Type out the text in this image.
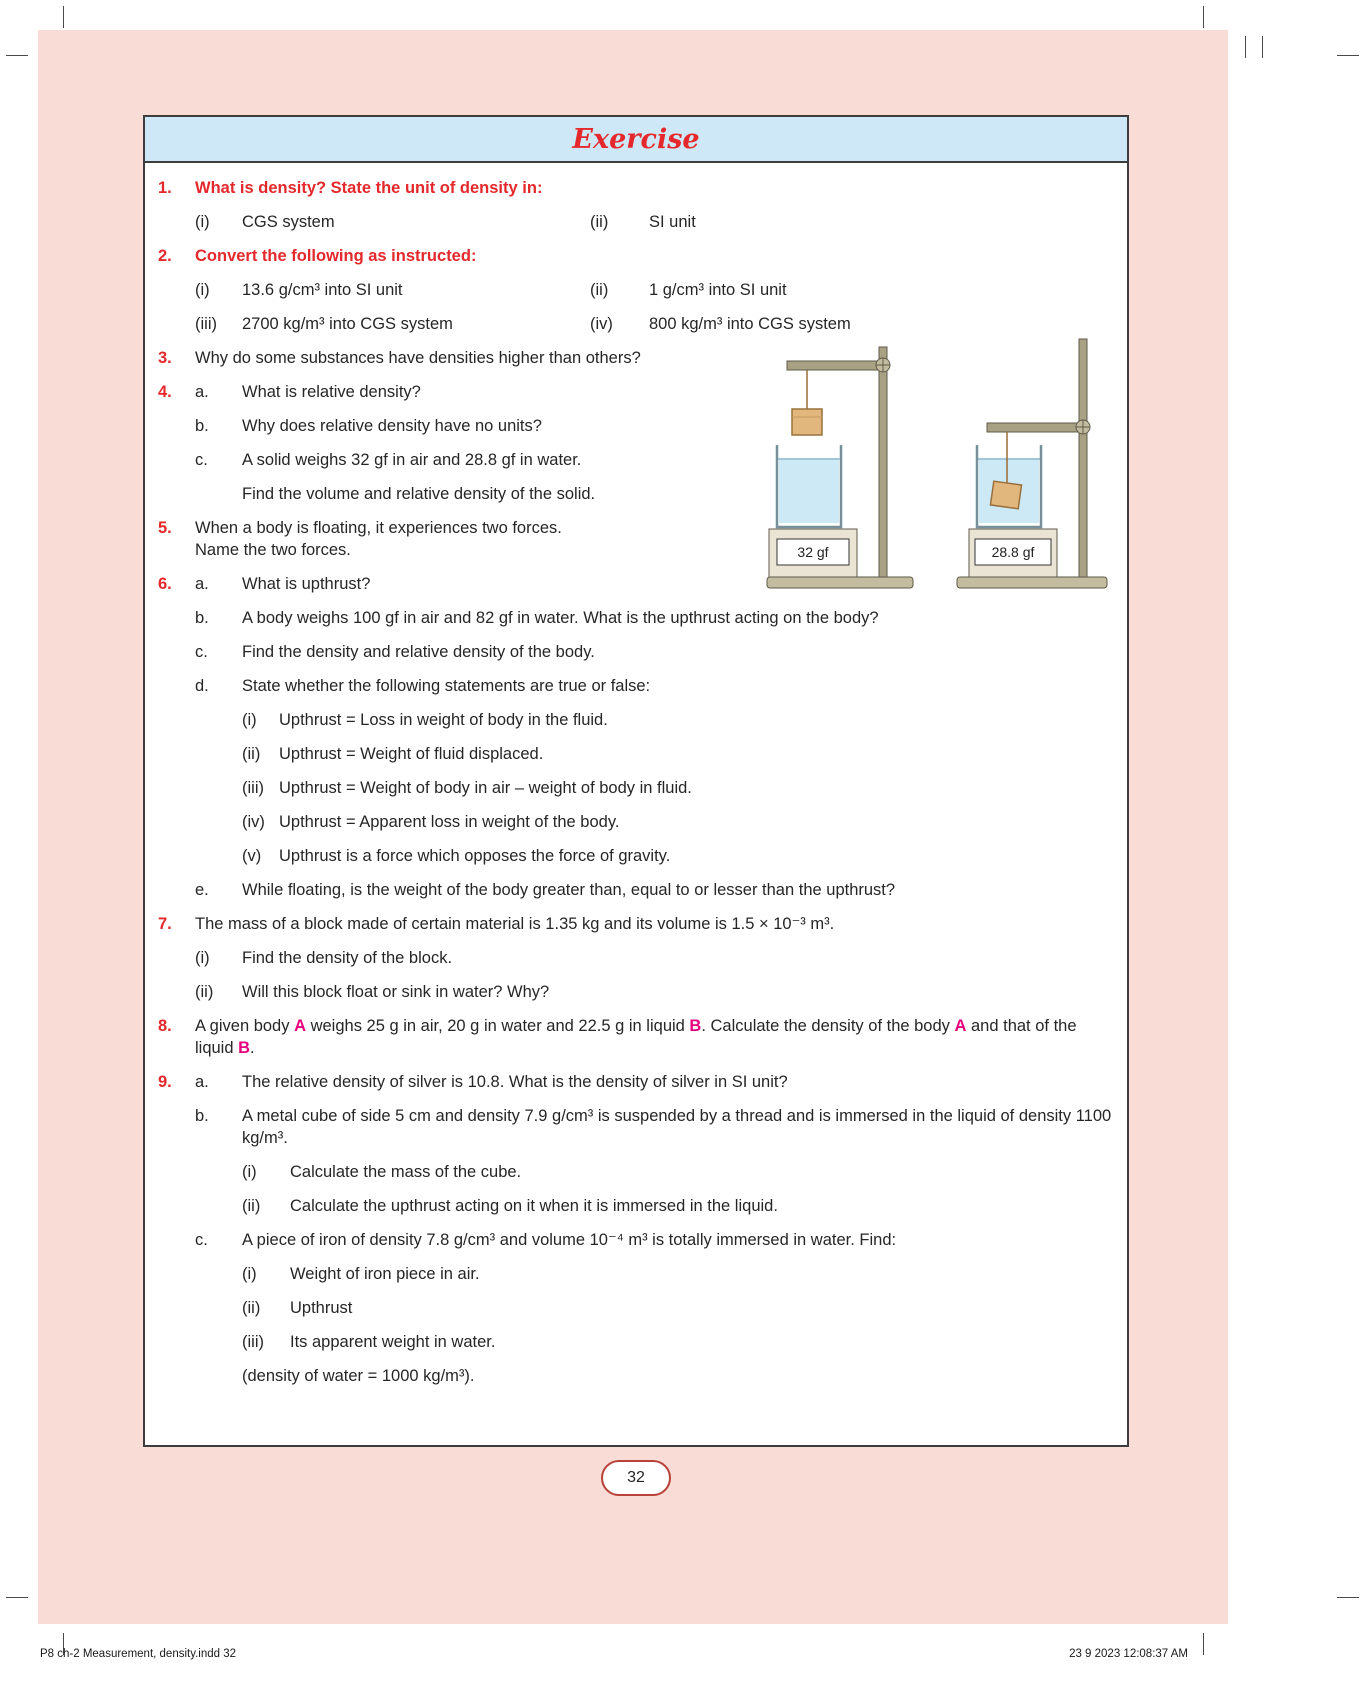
Exercise
1.	What is density? State the unit of density in:
(i)	CGS system	(ii)	SI unit
2.	Convert the following as instructed:
(i)	13.6 g/cm³ into SI unit	(ii)	1 g/cm³ into SI unit
(iii)	2700 kg/m³ into CGS system	(iv)	800 kg/m³ into CGS system
3.	Why do some substances have densities higher than others?
4.	a.	What is relative density?
b.	Why does relative density have no units?
c.	A solid weighs 32 gf in air and 28.8 gf in water.
Find the volume and relative density of the solid.
5.	When a body is floating, it experiences two forces.
Name the two forces.
6.	a.	What is upthrust?
b.	A body weighs 100 gf in air and 82 gf in water. What is the upthrust acting on the body?
c.	Find the density and relative density of the body.
d.	State whether the following statements are true or false:
(i)	Upthrust = Loss in weight of body in the fluid.
(ii)	Upthrust = Weight of fluid displaced.
(iii) Upthrust = Weight of body in air – weight of body in fluid.
(iv) Upthrust = Apparent loss in weight of the body.
(v)	Upthrust is a force which opposes the force of gravity.
e.	While floating, is the weight of the body greater than, equal to or lesser than the upthrust?
7.	The mass of a block made of certain material is 1.35 kg and its volume is 1.5 × 10⁻³ m³.
(i)	Find the density of the block.
(ii)	Will this block float or sink in water? Why?
8.	A given body A weighs 25 g in air, 20 g in water and 22.5 g in liquid B. Calculate the density of the body A and that of the liquid B.
9.	a.	The relative density of silver is 10.8. What is the density of silver in SI unit?
b.	A metal cube of side 5 cm and density 7.9 g/cm³ is suspended by a thread and is immersed in the liquid of density 1100 kg/m³.
(i)	Calculate the mass of the cube.
(ii)	Calculate the upthrust acting on it when it is immersed in the liquid.
c.	A piece of iron of density 7.8 g/cm³ and volume 10⁻⁴ m³ is totally immersed in water. Find:
(i)	Weight of iron piece in air.
(ii)	Upthrust
(iii)	Its apparent weight in water.
(density of water = 1000 kg/m³).
32 gf	28.8 gf
32
P8 ch-2 Measurement, density.indd 32	23 9 2023 12:08:37 AM
